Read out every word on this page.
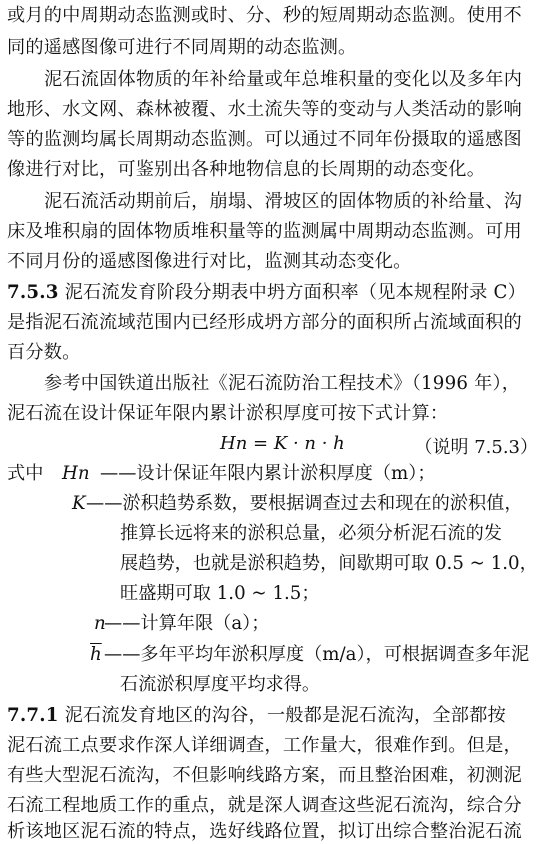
或月的中周期动态监测或时、分、秒的短周期动态监测。使用不
同的遥感图像可进行不同周期的动态监测。
泥石流固体物质的年补给量或年总堆积量的变化以及多年内
地形、水文网、森林被覆、水土流失等的变动与人类活动的影响
等的监测均属长周期动态监测。可以通过不同年份摄取的遥感图
像进行对比，可鉴别出各种地物信息的长周期的动态变化。
泥石流活动期前后，崩塌、滑坡区的固体物质的补给量、沟
床及堆积扇的固体物质堆积量等的监测属中周期动态监测。可用
不同月份的遥感图像进行对比，监测其动态变化。
7.5.3 泥石流发育阶段分期表中坍方面积率（见本规程附录 C）
是指泥石流流域范围内已经形成坍方部分的面积所占流域面积的
百分数。
参考中国铁道出版社《泥石流防治工程技术》（1996 年），
泥石流在设计保证年限内累计淤积厚度可按下式计算：
Hn = K · n · h	（说明 7.5.3）
式中 Hn ——设计保证年限内累计淤积厚度（m）；
K ——淤积趋势系数，要根据调查过去和现在的淤积值，
推算长远将来的淤积总量，必须分析泥石流的发
展趋势，也就是淤积趋势，间歇期可取 0.5 ~ 1.0，
旺盛期可取 1.0 ~ 1.5；
n
——计算年限（a）；
$\overline{h}$ ——多年平均年淤积厚度（m/a），可根据调查多年泥
石流淤积厚度平均求得。
7.7.1 泥石流发育地区的沟谷，一般都是泥石流沟，全部都按
泥石流工点要求作深人详细调查，工作量大，很难作到。但是，
有些大型泥石流沟，不但影响线路方案，而且整治困难，初测泥
石流工程地质工作的重点，就是深人调查这些泥石流沟，综合分
析该地区泥石流的特点，选好线路位置，拟订出综合整治泥石流
